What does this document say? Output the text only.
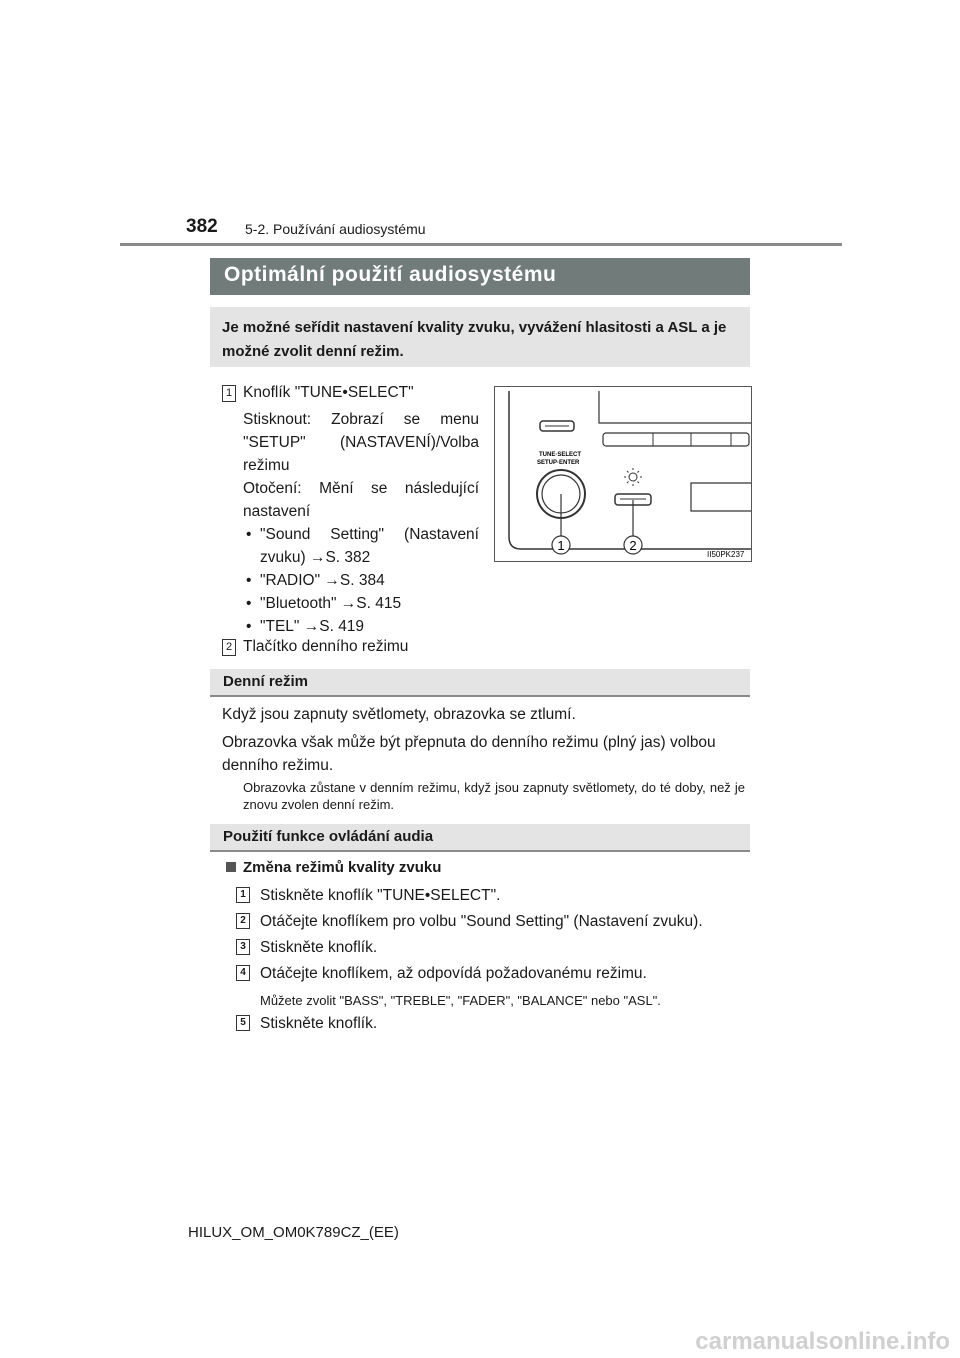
382 5-2. Používání audiosystému
Optimální použití audiosystému

Je možné seřídit nastavení kvality zvuku, vyvážení hlasitosti a ASL a je možné zvolit denní režim.

1 Knoflík "TUNE•SELECT"
Stisknout: Zobrazí se menu "SETUP" (NASTAVENÍ)/Volba režimu
Otočení: Mění se následující nastavení
• "Sound Setting" (Nastavení zvuku) →S. 382
• "RADIO" →S. 384
• "Bluetooth" →S. 415
• "TEL" →S. 419
2 Tlačítko denního režimu
TUNE·SELECT
SETUP·ENTER
1	2
II50PK237
Denní režim
Když jsou zapnuty světlomety, obrazovka se ztlumí.
Obrazovka však může být přepnuta do denního režimu (plný jas) volbou denního režimu.
Obrazovka zůstane v denním režimu, když jsou zapnuty světlomety, do té doby, než je znovu zvolen denní režim.
Použití funkce ovládání audia
Změna režimů kvality zvuku
1 Stiskněte knoflík "TUNE•SELECT".
2 Otáčejte knoflíkem pro volbu "Sound Setting" (Nastavení zvuku).
3 Stiskněte knoflík.
4 Otáčejte knoflíkem, až odpovídá požadovanému režimu.
Můžete zvolit "BASS", "TREBLE", "FADER", "BALANCE" nebo "ASL".
5 Stiskněte knoflík.
HILUX_OM_OM0K789CZ_(EE)
carmanualsonline.info
